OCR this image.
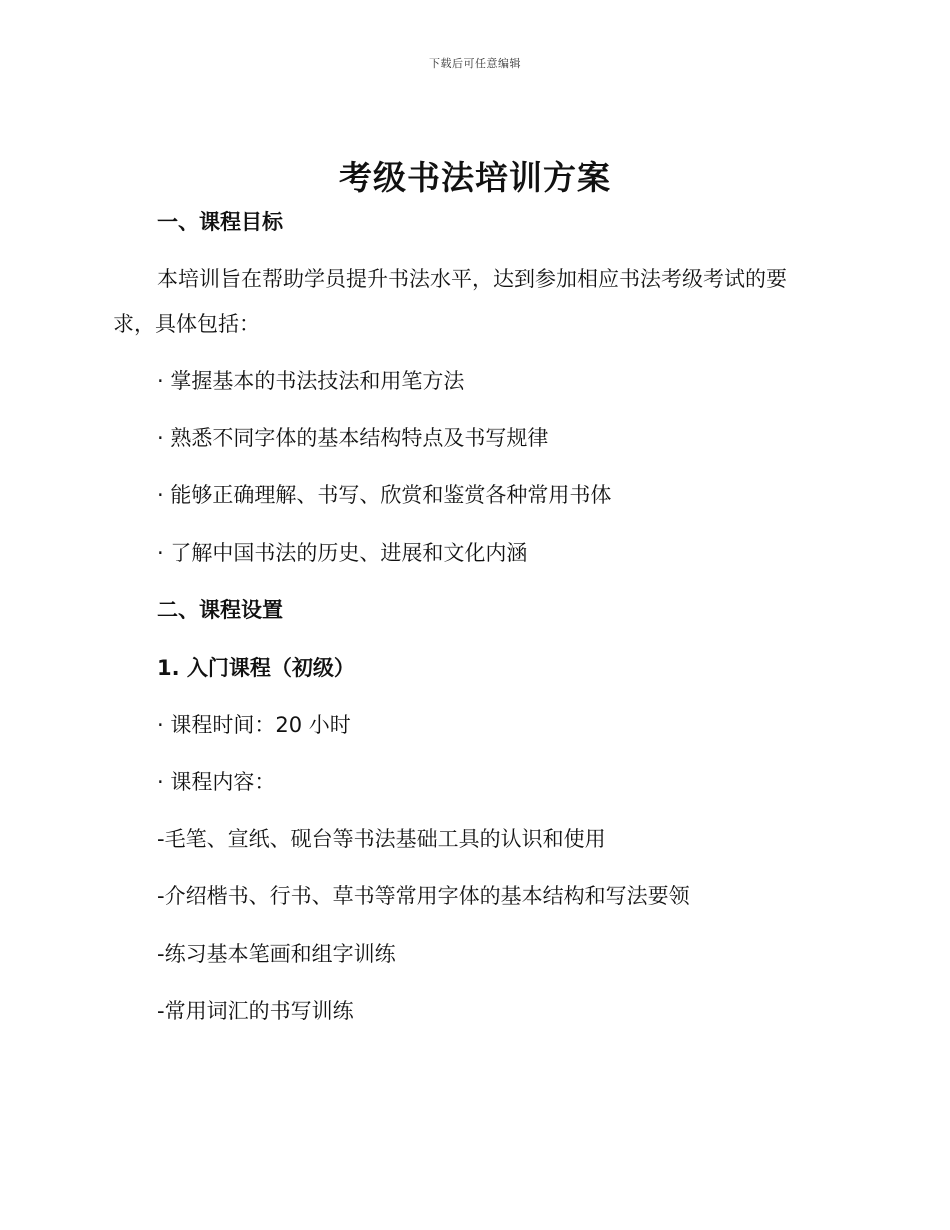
下载后可任意编辑
考级书法培训方案
一、课程目标
本培训旨在帮助学员提升书法水平，达到参加相应书法考级考试的要
求，具体包括：
· 掌握基本的书法技法和用笔方法
· 熟悉不同字体的基本结构特点及书写规律
· 能够正确理解、书写、欣赏和鉴赏各种常用书体
· 了解中国书法的历史、进展和文化内涵
二、课程设置
1. 入门课程（初级）
· 课程时间：20 小时
· 课程内容：
-毛笔、宣纸、砚台等书法基础工具的认识和使用
-介绍楷书、行书、草书等常用字体的基本结构和写法要领
-练习基本笔画和组字训练
-常用词汇的书写训练
